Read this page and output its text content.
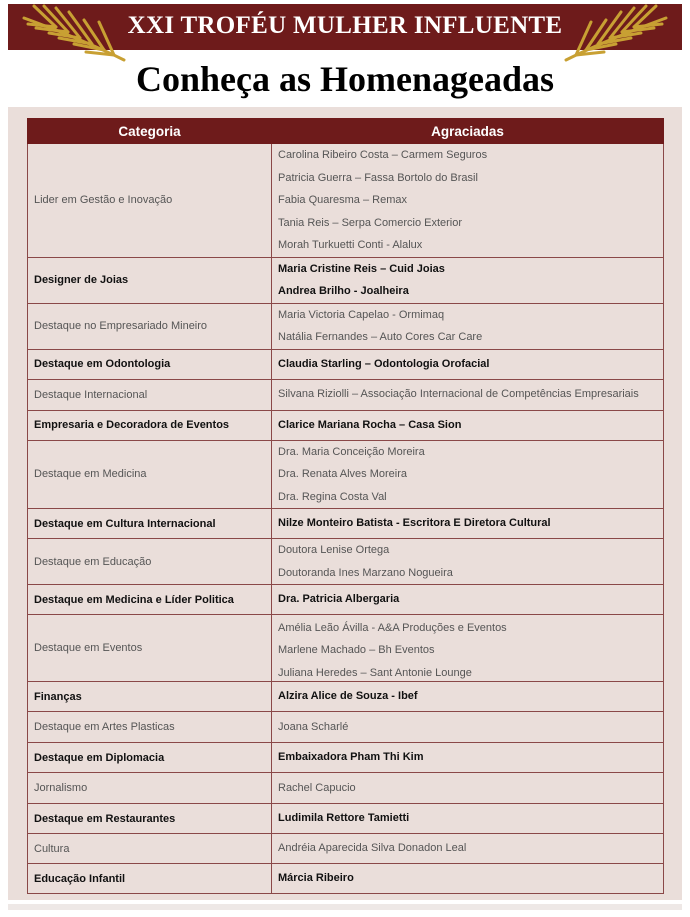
XXI TROFÉU MULHER INFLUENTE
Conheça as Homenageadas
Categoria	Agraciadas
Lider em Gestão e Inovação	Carolina Ribeiro Costa – Carmem Seguros
Patricia Guerra – Fassa Bortolo do Brasil
Fabia Quaresma – Remax
Tania Reis – Serpa Comercio Exterior
Morah Turkuetti Conti - Alalux

Designer de Joias	Maria Cristine Reis – Cuid Joias
Andrea Brilho - Joalheira

Destaque no Empresariado Mineiro	Maria Victoria Capelao - Ormimaq
Natália Fernandes – Auto Cores Car Care

Destaque em Odontologia	Claudia Starling – Odontologia Orofacial

Destaque Internacional	Silvana Riziolli – Associação Internacional de Competências Empresariais

Empresaria e Decoradora de Eventos	Clarice Mariana Rocha – Casa Sion

Destaque em Medicina	Dra. Maria Conceição Moreira
Dra. Renata Alves Moreira
Dra. Regina Costa Val

Destaque em Cultura Internacional	Nilze Monteiro Batista - Escritora E Diretora Cultural

Destaque em Educação	Doutora Lenise Ortega
Doutoranda Ines Marzano Nogueira

Destaque em Medicina e Líder Politica	Dra. Patricia Albergaria

Destaque em Eventos	Amélia Leão Ávilla - A&A Produções e Eventos
Marlene Machado – Bh Eventos
Juliana Heredes – Sant Antonie Lounge

Finanças	Alzira Alice de Souza - Ibef

Destaque em Artes Plasticas	Joana Scharlé

Destaque em Diplomacia	Embaixadora Pham Thi Kim

Jornalismo	Rachel Capucio

Destaque em Restaurantes	Ludimila Rettore Tamietti

Cultura	Andréia Aparecida Silva Donadon Leal

Educação Infantil	Márcia Ribeiro
